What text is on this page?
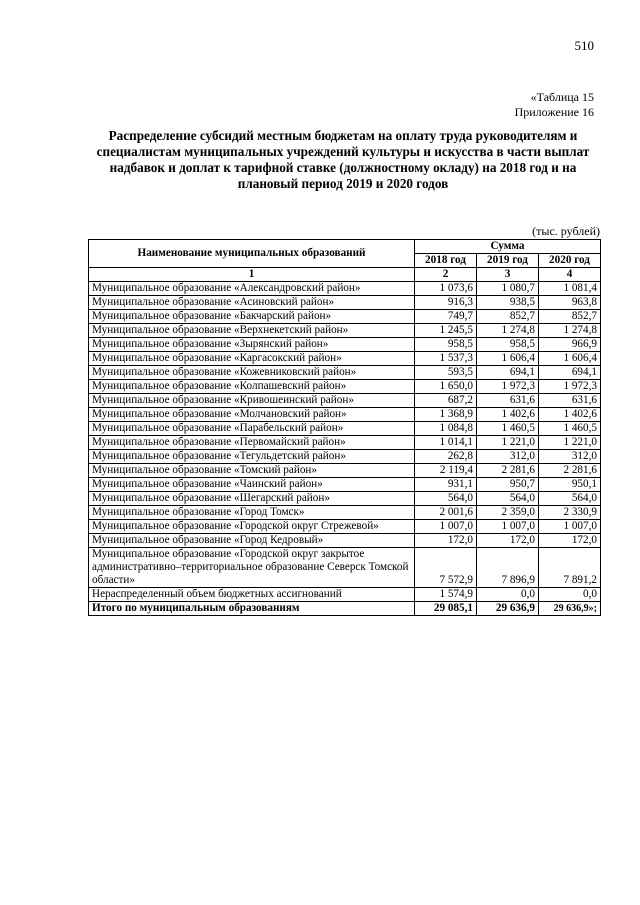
510
«Таблица 15
Приложение 16
Распределение субсидий местным бюджетам на оплату труда руководителям и специалистам муниципальных учреждений культуры и искусства в части выплат надбавок и доплат к тарифной ставке (должностному окладу) на 2018 год и на плановый период 2019 и 2020 годов
(тыс. рублей)
Наименование муниципальных образований	Сумма		
	2018 год	2019 год	2020 год
1	2	3	4
Муниципальное образование «Александровский район»	1 073,6	1 080,7	1 081,4
Муниципальное образование «Асиновский район»	916,3	938,5	963,8
Муниципальное образование «Бакчарский район»	749,7	852,7	852,7
Муниципальное образование «Верхнекетский район»	1 245,5	1 274,8	1 274,8
Муниципальное образование «Зырянский район»	958,5	958,5	966,9
Муниципальное образование «Каргасокский район»	1 537,3	1 606,4	1 606,4
Муниципальное образование «Кожевниковский район»	593,5	694,1	694,1
Муниципальное образование «Колпашевский район»	1 650,0	1 972,3	1 972,3
Муниципальное образование «Кривошеинский район»	687,2	631,6	631,6
Муниципальное образование «Молчановский район»	1 368,9	1 402,6	1 402,6
Муниципальное образование «Парабельский район»	1 084,8	1 460,5	1 460,5
Муниципальное образование «Первомайский район»	1 014,1	1 221,0	1 221,0
Муниципальное образование «Тегульдетский район»	262,8	312,0	312,0
Муниципальное образование «Томский район»	2 119,4	2 281,6	2 281,6
Муниципальное образование «Чаинский район»	931,1	950,7	950,1
Муниципальное образование «Шегарский район»	564,0	564,0	564,0
Муниципальное образование «Город Томск»	2 001,6	2 359,0	2 330,9
Муниципальное образование «Городской округ Стрежевой»	1 007,0	1 007,0	1 007,0
Муниципальное образование «Город Кедровый»	172,0	172,0	172,0
Муниципальное образование «Городской округ закрытое административно–территориальное образование Северск Томской области»	7 572,9	7 896,9	7 891,2
Нераспределенный объем бюджетных ассигнований	1 574,9	0,0	0,0
Итого по муниципальным образованиям	29 085,1	29 636,9	29 636,9»;
